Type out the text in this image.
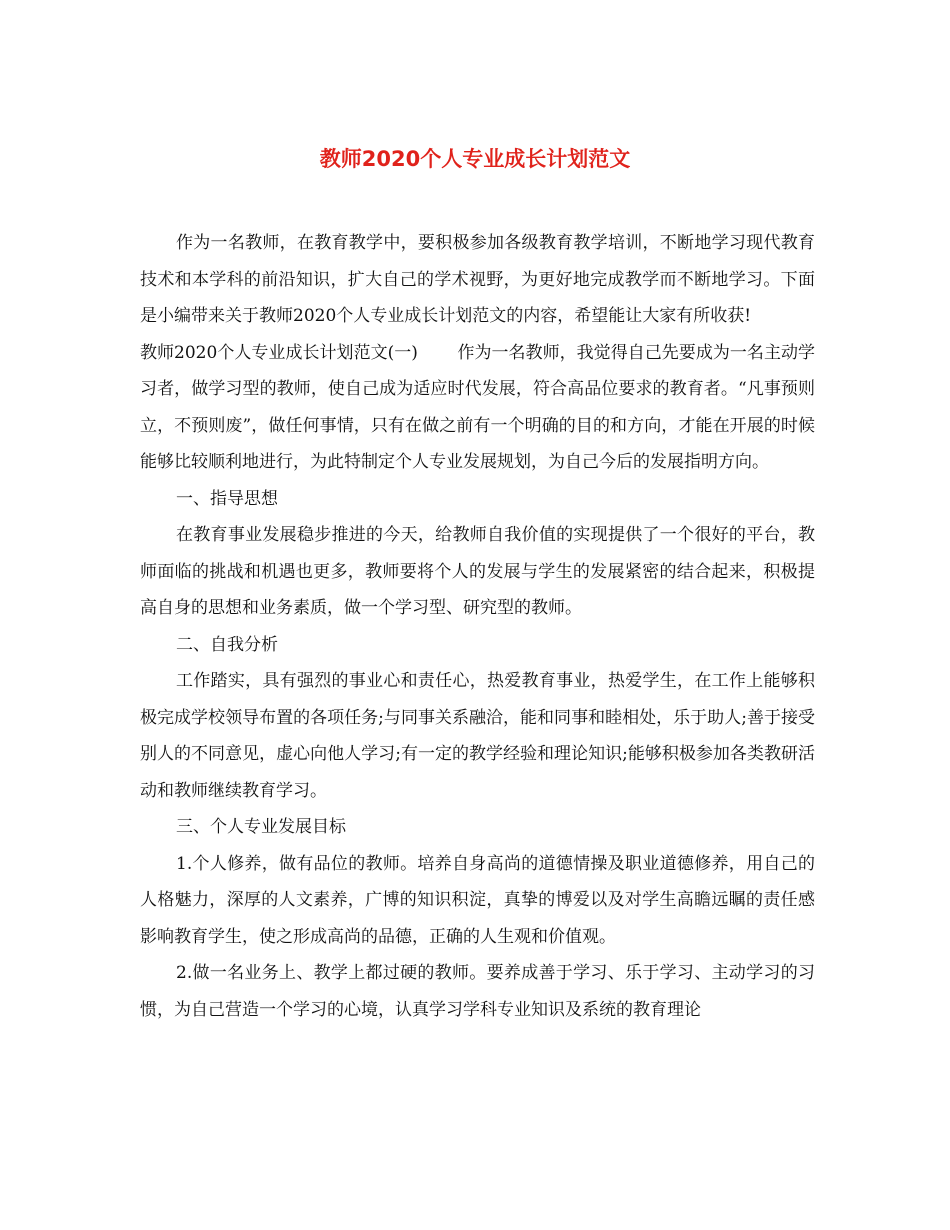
教师2020个人专业成长计划范文

作为一名教师，在教育教学中，要积极参加各级教育教学培训，不断地学习现代教育技术和本学科的前沿知识，扩大自己的学术视野，为更好地完成教学而不断地学习。下面是小编带来关于教师2020个人专业成长计划范文的内容，希望能让大家有所收获!

教师2020个人专业成长计划范文(一)　　 作为一名教师，我觉得自己先要成为一名主动学习者，做学习型的教师，使自己成为适应时代发展，符合高品位要求的教育者。“凡事预则立，不预则废”，做任何事情，只有在做之前有一个明确的目的和方向，才能在开展的时候能够比较顺利地进行，为此特制定个人专业发展规划，为自己今后的发展指明方向。

一、指导思想

在教育事业发展稳步推进的今天，给教师自我价值的实现提供了一个很好的平台，教师面临的挑战和机遇也更多，教师要将个人的发展与学生的发展紧密的结合起来，积极提高自身的思想和业务素质，做一个学习型、研究型的教师。

二、自我分析

工作踏实，具有强烈的事业心和责任心，热爱教育事业，热爱学生，在工作上能够积极完成学校领导布置的各项任务;与同事关系融洽，能和同事和睦相处，乐于助人;善于接受别人的不同意见，虚心向他人学习;有一定的教学经验和理论知识;能够积极参加各类教研活动和教师继续教育学习。

三、个人专业发展目标

1.个人修养，做有品位的教师。培养自身高尚的道德情操及职业道德修养，用自己的人格魅力，深厚的人文素养，广博的知识积淀，真挚的博爱以及对学生高瞻远瞩的责任感影响教育学生，使之形成高尚的品德，正确的人生观和价值观。

2.做一名业务上、教学上都过硬的教师。要养成善于学习、乐于学习、主动学习的习惯，为自己营造一个学习的心境，认真学习学科专业知识及系统的教育理论
